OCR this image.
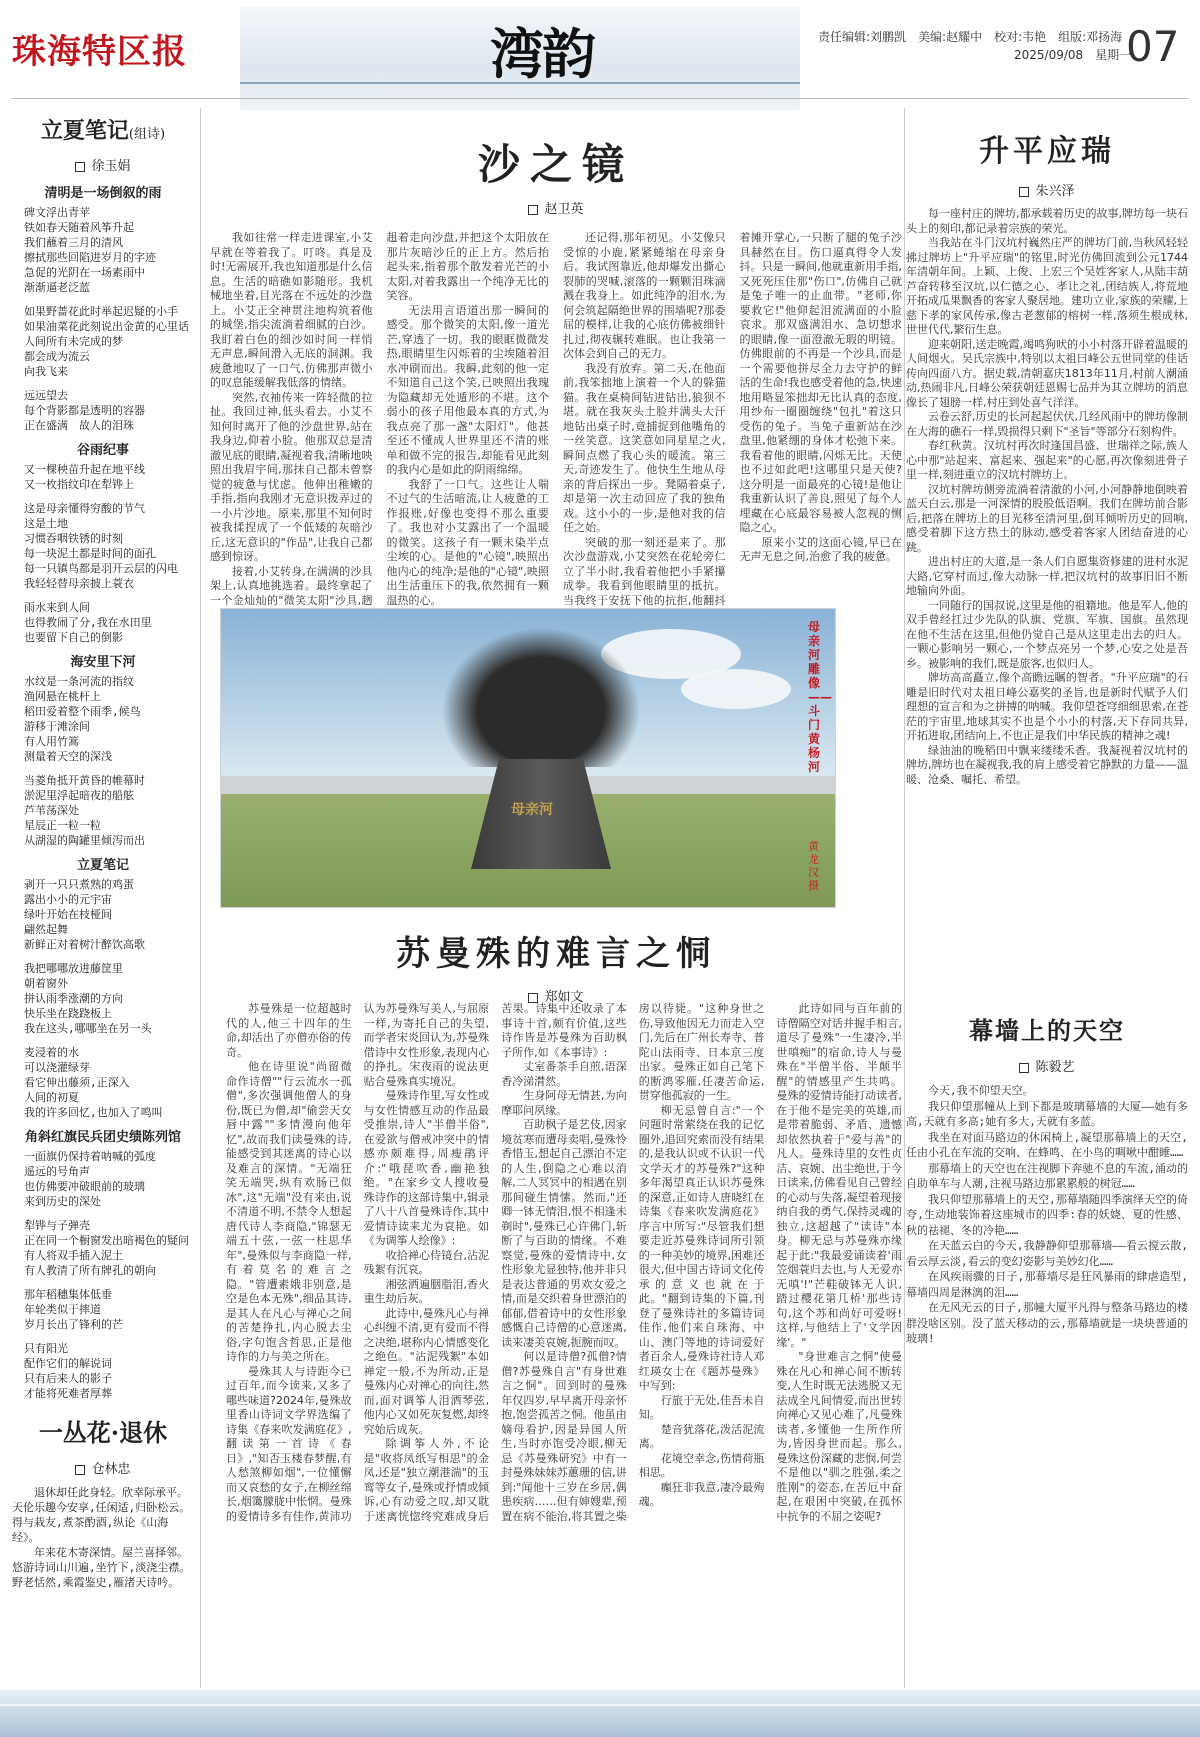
珠海特区报	湾韵	责任编辑:刘鹏凯　美编:赵耀中　校对:韦艳　组版:邓扬海
2025/09/08　星期一
07
立夏笔记(组诗)
徐玉娟
清明是一场倒叙的雨
碑文浮出青苹
铁如春天随着风筝升起
我们蘸着三月的清风
擦拭那些回陷进岁月的字迹
急促的光阴在一场素雨中
渐渐逼老泛蓝
如果野蔷花此时举起迟疑的小手
如果油菜花此刻说出金黄的心里话
人间所有未完成的梦
都会成为流云
向我飞来
远远望去
每个背影都是透明的容器
正在盛满　故人的泪珠
谷雨纪事
又一棵秧苗升起在地平线
又一枚指纹印在犁铧上
这是母亲懂得穷酸的节气
这是土地
习惯吞咽铁锈的时刻
每一块泥土都是时间的面孔
每一只镇鸟都是羽开云层的闪电
我轻轻替母亲披上蓑衣
雨水来到人间
也得教闹了分,我在水田里
也要留下自己的倒影
海安里下河
水纹是一条河流的指纹
渔网悬在桃杆上
稻田爱着整个雨季,候鸟
游移于滩涂间
有人用竹篙
测量着天空的深浅
当菱角抵开黄昏的帷幕时
淤泥里浮起暗夜的船舷
芦苇荡深处
星辰正一粒一粒
从湖湿的陶罐里倾泻而出
立夏笔记
剥开一只只煮熟的鸡蛋
露出小小的元宇宙
绿叶开始在枝桠间
翩然起舞
新鲜正对着树汁醉饮高歌
我把哪哪放进藤筐里
朝着窗外
拼认雨季涨潮的方向
快乐坐在跷跷板上
我在这头,哪哪坐在另一头
麦浸着的水
可以浇灌绿芽
看它伸出藤须,正深入
人间的初夏
我的许多回忆,也加入了鸣叫
角斜红旗民兵团史绩陈列馆
一面旗仍保持着呐喊的弧度
遥远的号角声
也仿佛要冲破眼前的玻璃
来到历史的深处
犁铧与子弹壳
正在同一个橱窗发出暗褐色的疑问
有人将双手插入泥土
有人教清了所有牌孔的朝向
那年稻穗集体低垂
年轮类似于摔道
岁月长出了锋利的芒
只有阳光
配作它们的解说词
只有后来人的影子
才能将死难者厚葬
一丛花·退休
仓林忠
退休却任此身轻。欣幸际承平。天伦乐趣今安享,任闲适,归卧松云。得与栽友,煮茶酌酒,纵论《山海经》。
年来花木寄深情。屋兰喜择邻。悠游诗词山川遍,坐竹下,淡浇尘襟。野老恬然,乘霞鉴史,雁渚天诗吟。
沙之镜
赵卫英

我如往常一样走进课室,小艾早就在等着我了。叮咚。真是及时!无需展开,我也知道那是什么信息。生活的暗礁如影随形。我机械地坐着,目光落在不远处的沙盘上。小艾正全神贯注地构筑着他的城堡,指尖流淌着细腻的白沙。我盯着白色的细沙如时间一样悄无声息,瞬间滑入无底的洞渊。我疲惫地叹了一口气,仿佛那声微小的叹息能缓解我低落的情绪。

突然,衣袖传来一阵轻微的拉扯。我回过神,低头看去。小艾不知何时离开了他的沙盘世界,站在我身边,仰着小脸。他那双总是清澈见底的眼睛,凝视着我,清晰地映照出我眉宇间,那抹自己都未曾察觉的疲惫与忧虑。他伸出稚嫩的手指,指向我刚才无意识拨弄过的一小片沙地。原来,那里不知何时被我揉捏成了一个低矮的灰暗沙丘,这无意识的"作品",让我自己都感到惊讶。

接着,小艾转身,在满满的沙具架上,认真地挑选着。最终拿起了一个金灿灿的"微笑太阳"沙具,趔趄着走向沙盘,并把这个太阳放在那片灰暗沙丘的正上方。然后抬起头来,指着那个散发着光芒的小太阳,对着我露出一个纯净无比的笑容。

无法用言语道出那一瞬间的感受。那个微笑的太阳,像一道光芒,穿透了一切。我的眼眶微微发热,眼睛里生闪烁着的尘埃随着泪水冲刷而出。我瞬,此刻的他一定不知道自己这个笑,已映照出我瑰为隐藏却无处遁形的不堪。这个弱小的孩子用他最本真的方式,为我点亮了那一盏"太阳灯"。他甚至还不懂成人世界里还不清的账单和做不完的报告,却能看见此刻的我内心是如此的阴雨绵绵。

我舒了一口气。这些让人喘不过气的生活暗流,让人疲惫的工作报账,好像也变得不那么重要了。我也对小艾露出了一个温暖的微笑。这孩子有一颗未染半点尘埃的心。是他的"心镜",映照出他内心的纯净;是他的"心镜",映照出生活重压下的我,依然拥有一颗温热的心。

还记得,那年初见。小艾像只受惊的小鹿,紧紧蜷缩在母亲身后。我试图靠近,他却爆发出撕心裂肺的哭喊,滚落的一颗颗泪珠滴溅在我身上。如此纯净的泪水,为何会筑起隔绝世界的围墙呢?那委屈的模样,让我的心底仿佛被细针扎过,彻夜辗转难眠。也让我第一次体会到自己的无力。

我没有放弃。第二天,在他面前,我笨拙地上演着一个人的躲猫猫。我在桌椅间钻进钻出,狼狈不堪。就在我灰头土脸并满头大汗地钻出桌子时,竟捕捉到他嘴角的一丝笑意。这笑意如同星星之火,瞬间点燃了我心头的暖流。第三天,奇迹发生了。他快生生地从母亲的背后探出一步。凳隔着桌子,却是第一次主动回应了我的独角戏。这小小的一步,是他对我的信任之始。

突破的那一刻还是来了。那次沙盘游戏,小艾突然在花轮旁仁立了半小时,我看着他把小手紧攥成拳。我看到他眼睛里的抵抗。当我终于安抚下他的抗拒,他翻抖着摊开掌心,一只断了腿的兔子沙具赫然在目。伤口逼真得令人发抖。只是一瞬间,他就重新用手指,又死死压住那"伤口",仿佛自己就是兔子唯一的止血带。"老师,你要救它!"他仰起泪流满面的小脸哀求。那双盛满泪水、急切想求的眼睛,像一面澄澈无瑕的明镜。仿佛眼前的不再是一个沙具,而是一个需要他拼尽全力去守护的鲜活的生命!我也感受着他的急,快速地用略显笨拙却无比认真的态度,用纱布一圈圈缠绕"包扎"着这只受伤的兔子。当兔子重新站在沙盘里,他紧绷的身体才松弛下来。我看着他的眼睛,闪烁无比。天使也不过如此吧!这哪里只是天使?这分明是一面最亮的心镜!是他让我重新认识了善良,照见了每个人埋藏在心底最容易被人忽视的恻隐之心。

原来小艾的这面心镜,早已在无声无息之间,治愈了我的疲惫。

母亲河
母亲河雕像——斗门黄杨河
黄龙汉 摄
苏曼殊的难言之恫
郑如文

苏曼殊是一位超越时代的人,他三十四年的生命,却活出了亦僧亦俗的传奇。

他在诗里说"尚留微命作诗僧""行云流水一孤僧",多次强调他僧人的身份,既已为僧,却"偷尝天女唇中露""多情漫向他年忆",故而我们读曼殊的诗,能感受到其迷离的诗心以及难言的深情。"无端狂笑无端哭,纵有欢肠已似冰",这"无端"没有来由,说不清道不明,不禁令人想起唐代诗人李商隐,"锦瑟无端五十弦,一弦一柱思华年",曼殊似与李商隐一样,有着莫名的难言之隐。"管遭素娥非别意,是空是色本无殊",细品其诗,是其人在凡心与禅心之间的苦楚挣扎,内心脱去尘俗,字句饱含哲思,正是他诗作的力与美之所在。

曼殊其人与诗距今已过百年,而今读来,又多了哪些味道?2024年,曼殊故里香山诗词文学界选编了诗集《春来吹发满庭花》,翻读第一首诗《春日》,"知否玉楼春梦醒,有人愁煞柳如烟",一位懂懈而又哀愁的女子,在柳丝绵长,烟霭朦胧中怅惘。曼殊的爱情诗多有佳作,黄沛功认为苏曼殊写美人,与屈原一样,为寄托自己的失望,而学者宋炎回认为,苏曼殊借诗中女性形象,表现内心的挣扎。宋夜雨的说法更贴合曼殊真实境况。

曼殊诗作里,写女性或与女性情感互动的作品最受推崇,诗人"半僧半俗",在爱欲与僧戒冲突中的情感亦颇难得,周瘦鹃评介:"哦琵吹香,幽艳独绝。"在家乡文人搜收曼殊诗作的这部诗集中,辑录了八十八首曼殊诗作,其中爱情诗读来尤为哀艳。如《为调筝人绘像》:

收拾禅心侍镜台,沾泥残絮有沉哀。

湘弦洒遍胭脂泪,香火重生劫后灰。

此诗中,曼殊凡心与禅心纠缠不清,更有爱而不得之决绝,堪称内心情感变化之绝色。"沾泥残絮"本如禅定一般,不为所动,正是曼殊内心对禅心的向往,然而,面对调筝人泪洒琴弦,他内心又如死灰复燃,却终究始后成灰。

除调筝人外,不论是"收将凤纸写相思"的金凤,还是"独立潮港湍"的玉鸾等女子,曼殊或抒情或倾诉,心有动爱之叹,却又耽于迷离恍惚终究难成身后苦果。诗集中还收录了本事诗十首,颇有价值,这些诗作皆是苏曼殊为百助枫子所作,如《本事诗》:

丈室番茶手自煎,语深香冷涕潸然。

生身阿母无情甚,为向摩耶问夙缘。

百助枫子是艺伎,因家境贫寒而遭母卖唱,曼殊怜香惜玉,想起自己漂泊不定的人生,倒隐之心难以消解,二人冥冥中的相遇在别那间碰生情愫。然而,"还卿一钵无情泪,恨不相逢未剃时",曼殊已心许佛门,斩断了与百助的情缘。不难察觉,曼殊的爱情诗中,女性形象尤显独特,他并非只是表达普通的男欢女爱之情,而是交织着身世漂泊的郁郁,借着诗中的女性形象感慨自己诗僧的心意迷离,读来凄美哀婉,扼腕而叹。

何以是诗僧?孤僧?情僧?苏曼殊自言"有身世难言之恫"。回到时的曼殊年仅四岁,早早离开母亲怀抱,饱尝孤苦之恫。他虽由嫡母看护,因是异国人所生,当时亦饱受冷眼,柳无忌《苏曼殊研究》中有一封曼殊妹妹苏蕙珊的信,讲到:"闻他十三岁在乡居,偶患疾病……但有婶嫂辈,预置在病不能治,将其置之柴房以待毙。"这种身世之伤,导致他因无力而走入空门,先后在广州长寿寺、普陀山法雨寺、日本京三度出家。曼殊正如自己笔下的断鸿零雁,任凄苦命运,贯穿他孤寂的一生。

柳无忌曾自言:"一个问题时常萦绕在我的记忆圈外,追回究索而没有结果的,是我认识或不认识一代文学天才的苏曼殊?"这种多年渴望真正认识苏曼殊的深意,正如诗人唐晓红在诗集《春来吹发满庭花》序言中所写:"尽管我们想要走近苏曼殊诗词所引领的一种美妙的境界,困难还很大,但中国古诗词文化传承的意义也就在于此。"翻到诗集的下篇,刊登了曼殊诗社的多篇诗词佳作,他们来自珠海、中山、澳门等地的诗词爱好者百余人,曼殊诗社诗人邓红瑛女士在《题苏曼殊》中写到:

行旅于无处,佳吾未自知。

楚音犹落花,泼活泥流离。

花境空幸念,伤情荷瓶相思。

癫狂非我意,凄冷最殉魂。

此诗如同与百年前的诗僧隔空对话并握手相言,道尽了曼殊"一生凄冷,半世嗔痴"的宿命,诗人与曼殊在"半僧半俗、半颠半醒"的情感里产生共鸣。曼殊的爱情诗能打动读者,在于他不是完美的英雄,而是带着脆弱、矛盾、遗憾却依然执着于"爱与善"的凡人。曼殊诗里的女性贞洁、哀婉、出尘绝世,于今日读来,仿佛看见自己曾经的心动与失落,凝望着现接纳自我的勇气,保持灵魂的独立,这超越了"读诗"本身。柳无忌与苏曼殊亦缘起于此:"我最爱诵读着'雨笠烟蓑归去也,与人无爱亦无嗔'!"芒鞋破钵无人识,踏过樱花第几桥'那些诗句,这个苏和尚好可爱呀!这样,与他结上了'文学因缘'。"

"身世难言之恫"使曼殊在凡心和禅心间不断转变,人生时既无法逃脱又无法成全凡间情爱,而出世转向禅心又见心难了,凡曼殊读者,多懂他一生所作所为,皆因身世而起。那么,曼殊这份深藏的悲悯,何尝不是他以"驯之胜强,柔之胜刚"的姿态,在苦厄中奋起,在艰困中突破,在孤怀中抗争的不屈之姿呢?

升平应瑞
朱兴泽

每一座村庄的牌坊,都承载着历史的故事,牌坊每一块石头上的刻印,都记录着宗族的荣光。

当我站在斗门汉坑村巍然庄严的牌坊门前,当秋风轻轻拂过牌坊上"升平应瑞"的铭里,时光仿佛回流到公元1744年清朝年间。上颖、上俊、上宏三个吴姓客家人,从陆丰葫芦奋转移至汉坑,以仁德之心、孝让之礼,团结族人,将荒地开拓成瓜果飘香的客家人聚居地。建功立业,家族的荣耀,上慈下孝的家风传承,像古老葱郁的榕树一样,落须生根成林,世世代代,繁衍生息。

迎来朝阳,送走晚霞,竭鸣狗吠的小小村落开辟着温暖的人间烟火。吴氏宗族中,特别以太祖曰峰公五世同堂的佳话传向四面八方。据史载,清朝嘉庆1813年11月,村前人潮涌动,热闹非凡,日峰公荣获朝廷恩赐七品并为其立牌坊的消息像长了翅膀一样,村庄到处喜气洋洋。

云卷云舒,历史的长河起起伏伏,几经风雨中的牌坊像制在大海的礁石一样,毁损得只剩下"圣旨"等部分石刻构件。

春红秋黄。汉坑村再次时逢国昌盛、世瑞祥之际,族人心中那"站起来、富起来、强起来"的心愿,再次像刻进骨子里一样,刻进重立的汉坑村牌坊上。

汉坑村牌坊侧旁流淌着清澈的小河,小河静静地倒映着蓝天白云,那是一河深情的股股低语啊。我们在牌坊前合影后,把落在牌坊上的目光移至清河里,倒耳倾听历史的回响,感受着脚下这方热土的脉动,感受着客家人团结奋进的心跳。

进出村庄的大道,是一条人们自愿集资修建的进村水泥大路,它穿村而过,像大动脉一样,把汉坑村的故事旧旧不断地输向外面。

一同随行的国叔说,这里是他的祖籍地。他是军人,他的双手曾经扛过少先队的队旗、党旗、军旗、国旗。虽然现在他不生活在这里,但他仍觉自己是从这里走出去的归人。一颗心影响另一颗心,一个梦点亮另一个梦,心安之处是吾乡。被影响的我们,既是旅客,也似归人。

牌坊高高矗立,像个高瞻远瞩的智者。"升平应瑞"的石雕是旧时代对太祖日峰公嘉奖的圣旨,也是新时代赋予人们理想的宣言和为之拼搏的呐喊。我仰望苍穹细细思索,在苍茫的宇宙里,地球其实不也是个小小的村落,天下存同共异,开拓进取,团结向上,不也正是我们中华民族的精神之魂!

绿油油的晚稻田中飘来缕缕禾香。我凝视着汉坑村的牌坊,牌坊也在凝视我,我的肩上感受着它静默的力量——温暖、沧桑、嘱托、希望。

幕墙上的天空
陈毅艺

今天,我不仰望天空。

我只仰望那幢从上到下都是玻璃幕墙的大厦——她有多高,天就有多高;她有多大,天就有多蓝。

我坐在对面马路边的休闲椅上,凝望那幕墙上的天空,任由小孔在车流的交响、在蜂鸣、在小鸟的啁啾中酣睡……

那幕墙上的天空也在注视脚下奔驰不息的车流,涌动的自助单车与人潮,注视马路边那累累般的树冠……

我只仰望那幕墙上的天空,那幕墙随四季演绎天空的倚夸,生动地装饰着这座城市的四季:春的妖娆、夏的性感、秋的祛褪、冬的冷艳……

在天蓝云白的今天,我静静仰望那幕墙——看云搅云散,看云厚云淡,看云的变幻姿影与美妙幻化……

在风疾雨骤的日子,那幕墙尽是狂风暴雨的肆虐造型,幕墙四周是淋漓的泪……

在无风无云的日子,那幢大厦平凡得与整条马路边的楼群没啥区别。没了蓝天移动的云,那幕墙就是一块块普通的玻璃!
